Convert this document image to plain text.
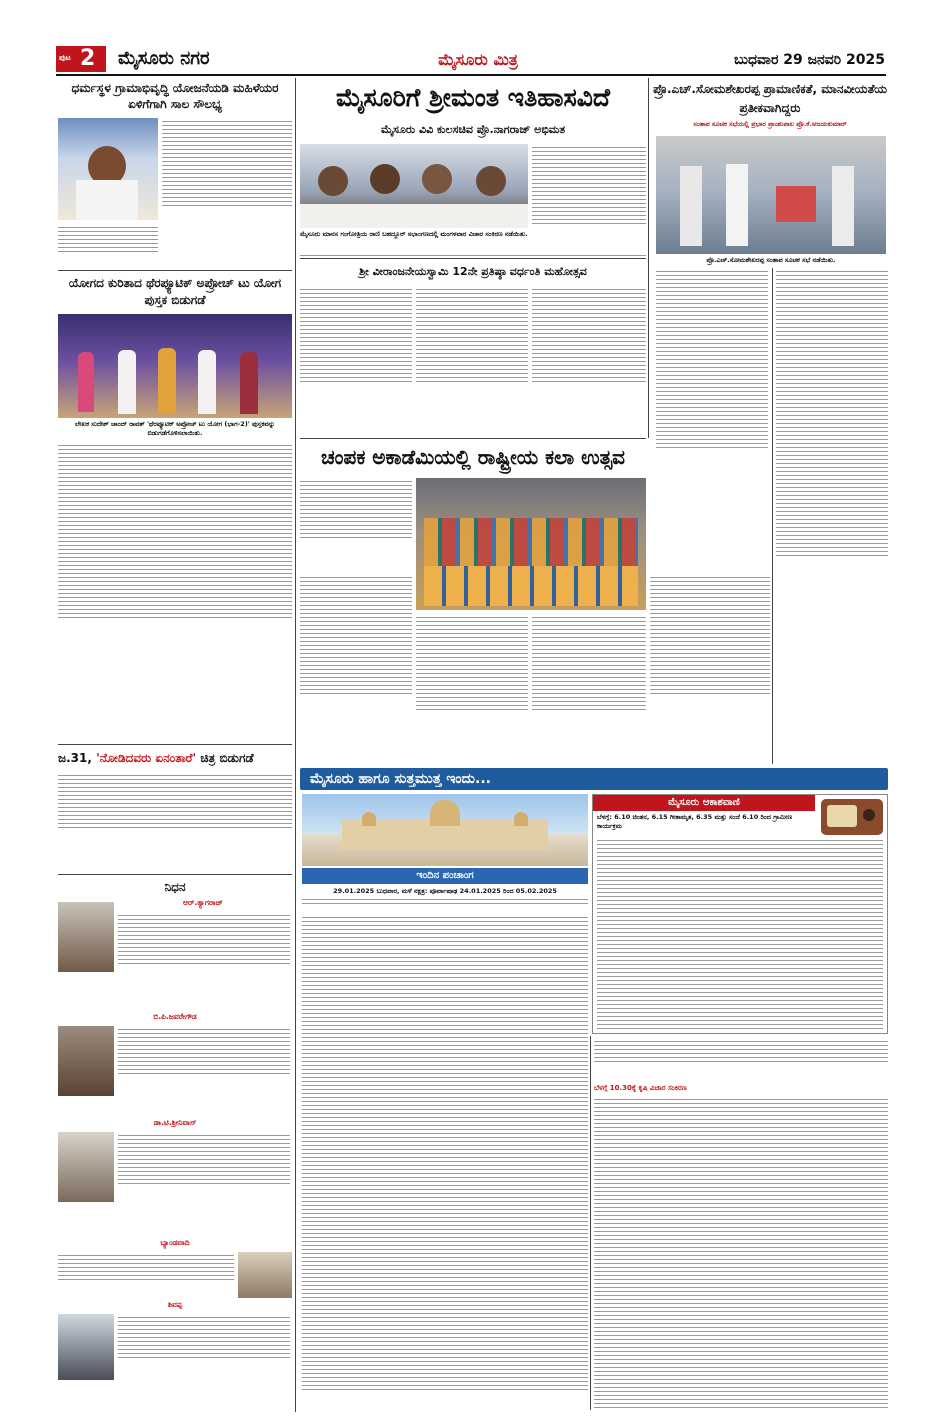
ಪುಟ 2 ಮೈಸೂರು ನಗರ	ಮೈಸೂರು ಮಿತ್ರ	ಬುಧವಾರ 29 ಜನವರಿ 2025
ಧರ್ಮಸ್ಥಳ ಗ್ರಾಮಾಭಿವೃದ್ಧಿ ಯೋಜನೆಯಡಿ ಮಹಿಳೆಯರ ಏಳಿಗೆಗಾಗಿ ಸಾಲ ಸೌಲಭ್ಯ
ಯೋಗದ ಕುರಿತಾದ ಥೆರಪ್ಯೂಟಿಕ್ ಅಪ್ರೋಚ್ ಟು ಯೋಗ ಪುಸ್ತಕ ಬಿಡುಗಡೆ
ಲೇಖಕ ಸುದೇಶ್ ಚಾಂದ್ ರಾವತ್ 'ಥೆರಪ್ಯೂಟಿಕ್ ಅಪ್ರೋಚ್ ಟು ಯೋಗ (ಭಾಗ-2)' ಪುಸ್ತಕವನ್ನು ಬಿಡುಗಡೆಗೊಳಿಸಲಾಯಿತು.
ಜ.31, 'ನೋಡಿದವರು ಏನಂತಾರೆ' ಚಿತ್ರ ಬಿಡುಗಡೆ
ನಿಧನ
ಆರ್.ತ್ಯಾಗರಾಜ್
ಬಿ.ಪಿ.ಜವರೇಗೌಡ
ಡಾ.ಟಿ.ಶ್ರೀನಿವಾಸ್
ಬ್ಯಾಂಡವಾದಿ
ಶಿವಪ್ಪ
ಮೈಸೂರಿಗೆ ಶ್ರೀಮಂತ ಇತಿಹಾಸವಿದೆ
ಮೈಸೂರು ವಿವಿ ಕುಲಸಚಿವ ಪ್ರೊ.ನಾಗರಾಜ್ ಅಭಿಮತ
ಮೈಸೂರು ಮಾನಸ ಗಂಗೋತ್ರಿಯ ರಾಣಿ ಬಹದ್ದೂರ್ ಸಭಾಂಗಣದಲ್ಲಿ ಮಂಗಳವಾರ ವಿಚಾರ ಸಂಕಿರಣ ನಡೆಯಿತು.
ಶ್ರೀ ವೀರಾಂಜನೇಯಸ್ವಾಮಿ 12ನೇ ಪ್ರತಿಷ್ಠಾ ವರ್ಧಂತಿ ಮಹೋತ್ಸವ
ಚಂಪಕ ಅಕಾಡೆಮಿಯಲ್ಲಿ ರಾಷ್ಟ್ರೀಯ ಕಲಾ ಉತ್ಸವ
ಪ್ರೊ.ಎಚ್.ಸೋಮಶೇಖರಪ್ಪ ಪ್ರಾಮಾಣಿಕತೆ, ಮಾನವೀಯತೆಯ ಪ್ರತೀಕವಾಗಿದ್ದರು
ಸಂತಾಪ ಸೂಚಕ ಸಭೆಯಲ್ಲಿ ಪ್ರಭಾರ ಪ್ರಾಂಶುಪಾಲ ಪ್ರೊ.ಕೆ.ಅಜಯಕುಮಾರ್
ಪ್ರೊ.ಎಚ್.ಸೋಮಶೇಖರಪ್ಪ ಸಂತಾಪ ಸೂಚಕ ಸಭೆ ನಡೆಯಿತು.
ಮೈಸೂರು ಹಾಗೂ ಸುತ್ತಮುತ್ತ ಇಂದು...
ಇಂದಿನ ಪಂಚಾಂಗ
29.01.2025 ಬುಧವಾರ, ಮಳೆ ನಕ್ಷತ್ರ: ಪೂರ್ವಾಷಾಢ 24.01.2025 ರಿಂದ 05.02.2025
ಮೈಸೂರು ಆಕಾಶವಾಣಿ
ಬೆಳಗ್ಗೆ: 6.10 ಚಿಂತನ, 6.15 ಗೀತಾಮೃತ, 6.35 ಮತ್ತು ಸಂಜೆ 6.10 ರಿಂದ ಗ್ರಾಮೀಣ ಕಾರ್ಯಕ್ರಮ
ಬೆಳಗ್ಗೆ 10.30ಕ್ಕೆ ಕೃಷಿ ವಿಚಾರ ಸಂಕಿರಣ
